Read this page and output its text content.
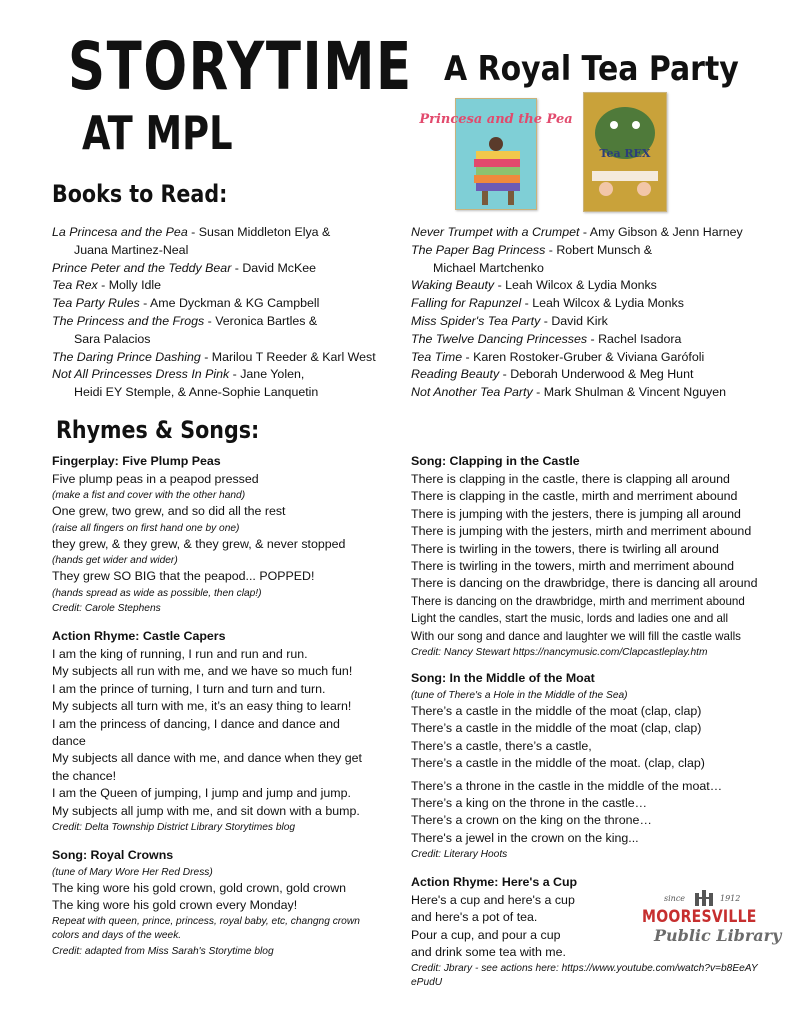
STORYTIME
AT MPL
A Royal Tea Party
Princesa and the Pea
Tea REX
Books to Read:
La Princesa and the Pea - Susan Middleton Elya &
Juana Martinez-Neal
Prince Peter and the Teddy Bear - David McKee
Tea Rex - Molly Idle
Tea Party Rules - Ame Dyckman & KG Campbell
The Princess and the Frogs - Veronica Bartles &
Sara Palacios
The Daring Prince Dashing - Marilou T Reeder & Karl West
Not All Princesses Dress In Pink - Jane Yolen,
Heidi EY Stemple, & Anne-Sophie Lanquetin
Never Trumpet with a Crumpet - Amy Gibson & Jenn Harney
The Paper Bag Princess - Robert Munsch &
Michael Martchenko
Waking Beauty - Leah Wilcox & Lydia Monks
Falling for Rapunzel - Leah Wilcox & Lydia Monks
Miss Spider's Tea Party - David Kirk
The Twelve Dancing Princesses - Rachel Isadora
Tea Time - Karen Rostoker-Gruber & Viviana Garófoli
Reading Beauty - Deborah Underwood & Meg Hunt
Not Another Tea Party - Mark Shulman & Vincent Nguyen
Rhymes & Songs:
Fingerplay: Five Plump Peas
Five plump peas in a peapod pressed
(make a fist and cover with the other hand)
One grew, two grew, and so did all the rest
(raise all fingers on first hand one by one)
they grew, & they grew, & they grew, & never stopped
(hands get wider and wider)
They grew SO BIG that the peapod... POPPED!
(hands spread as wide as possible, then clap!)
Credit: Carole Stephens
Action Rhyme: Castle Capers
I am the king of running, I run and run and run.
My subjects all run with me, and we have so much fun!
I am the prince of turning, I turn and turn and turn.
My subjects all turn with me, it’s an easy thing to learn!
I am the princess of dancing, I dance and dance and dance
My subjects all dance with me, and dance when they get the chance!
I am the Queen of jumping, I jump and jump and jump.
My subjects all jump with me, and sit down with a bump.
Credit: Delta Township District Library Storytimes blog
Song: Royal Crowns
(tune of Mary Wore Her Red Dress)
The king wore his gold crown, gold crown, gold crown
The king wore his gold crown every Monday!
Repeat with queen, prince, princess, royal baby, etc, changng crown colors and days of the week.
Credit: adapted from Miss Sarah's Storytime blog
Song: Clapping in the Castle
There is clapping in the castle, there is clapping all around
There is clapping in the castle, mirth and merriment abound
There is jumping with the jesters, there is jumping all around
There is jumping with the jesters, mirth and merriment abound
There is twirling in the towers, there is twirling all around
There is twirling in the towers, mirth and merriment abound
There is dancing on the drawbridge, there is dancing all around
There is dancing on the drawbridge, mirth and merriment abound
Light the candles, start the music, lords and ladies one and all
With our song and dance and laughter we will fill the castle walls
Credit: Nancy Stewart https://nancymusic.com/Clapcastleplay.htm
Song: In the Middle of the Moat
(tune of There's a Hole in the Middle of the Sea)
There’s a castle in the middle of the moat (clap, clap)
There’s a castle in the middle of the moat (clap, clap)
There’s a castle, there’s a castle,
There’s a castle in the middle of the moat. (clap, clap)
There’s a throne in the castle in the middle of the moat…
There’s a king on the throne in the castle…
There’s a crown on the king on the throne…
There's a jewel in the crown on the king...
Credit: Literary Hoots
Action Rhyme: Here's a Cup
Here's a cup and here's a cup
and here's a pot of tea.
Pour a cup, and pour a cup
and drink some tea with me.
Credit: Jbrary - see actions here: https://www.youtube.com/watch?v=b8EeAYePudU
since	1912
MOORESVILLE
Public Library
